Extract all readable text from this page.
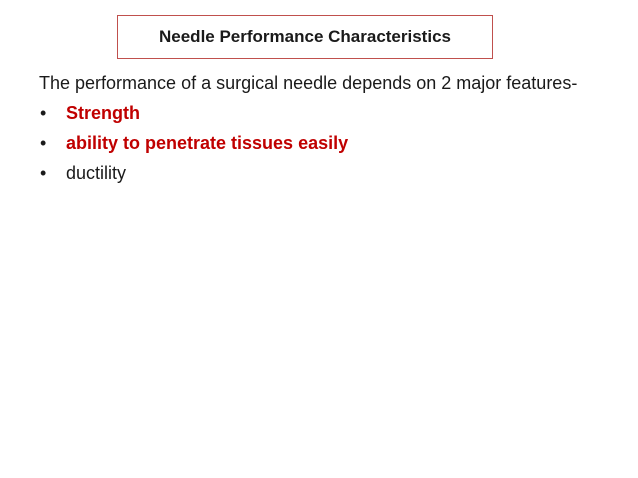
Needle Performance Characteristics

The performance of a surgical needle depends on 2 major features-

• Strength
• ability to penetrate tissues easily
• ductility
